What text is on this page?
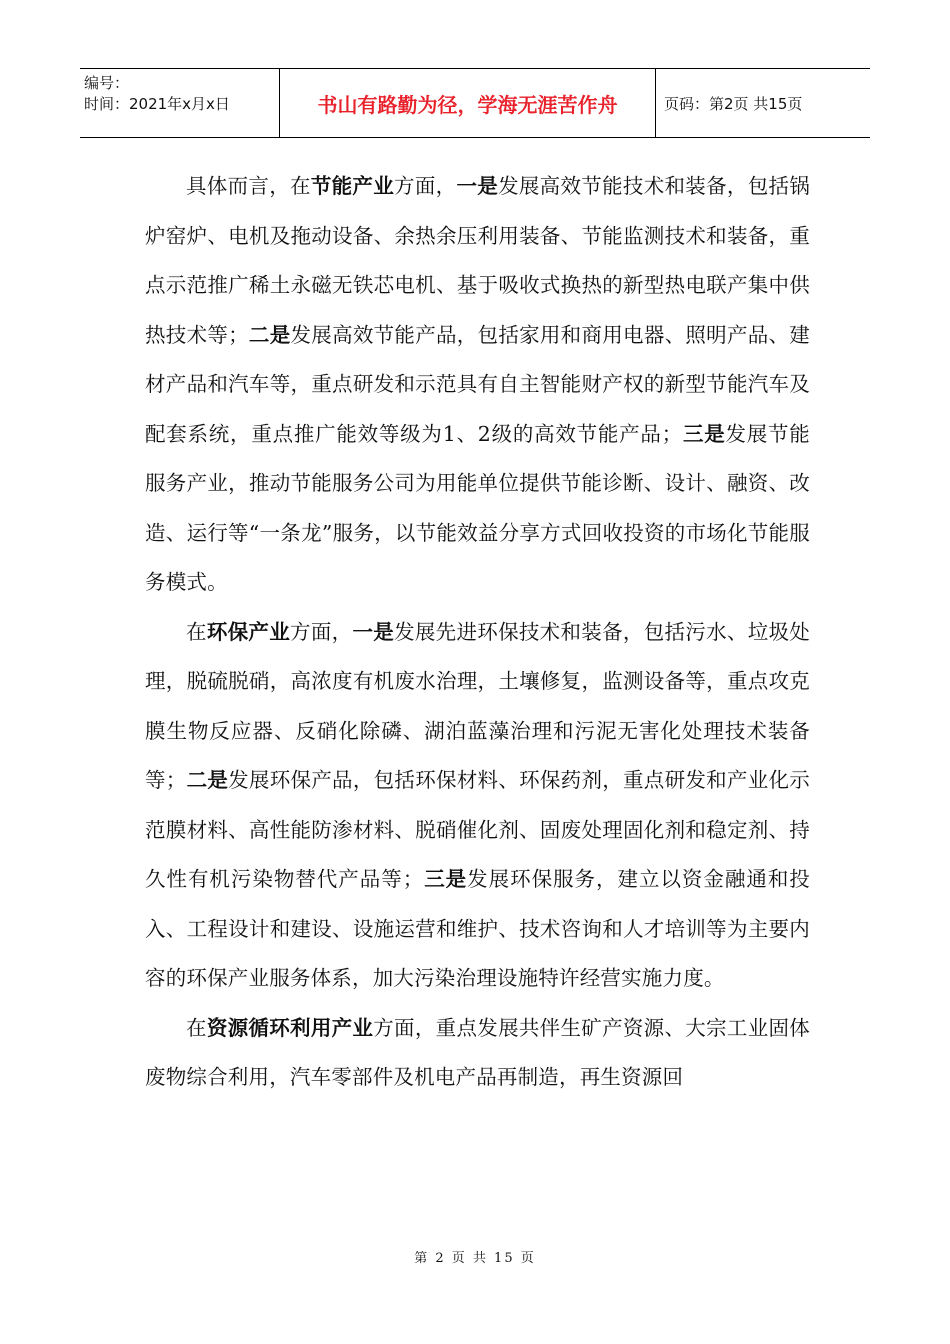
编号：
时间：2021年x月x日	书山有路勤为径，学海无涯苦作舟	页码：第2页 共15页

具体而言，在节能产业方面，一是发展高效节能技术和装备，包括锅炉窑炉、电机及拖动设备、余热余压利用装备、节能监测技术和装备，重点示范推广稀土永磁无铁芯电机、基于吸收式换热的新型热电联产集中供热技术等；二是发展高效节能产品，包括家用和商用电器、照明产品、建材产品和汽车等，重点研发和示范具有自主智能财产权的新型节能汽车及配套系统，重点推广能效等级为1、2级的高效节能产品；三是发展节能服务产业，推动节能服务公司为用能单位提供节能诊断、设计、融资、改造、运行等“一条龙”服务，以节能效益分享方式回收投资的市场化节能服务模式。

在环保产业方面，一是发展先进环保技术和装备，包括污水、垃圾处理，脱硫脱硝，高浓度有机废水治理，土壤修复，监测设备等，重点攻克膜生物反应器、反硝化除磷、湖泊蓝藻治理和污泥无害化处理技术装备等；二是发展环保产品，包括环保材料、环保药剂，重点研发和产业化示范膜材料、高性能防渗材料、脱硝催化剂、固废处理固化剂和稳定剂、持久性有机污染物替代产品等；三是发展环保服务，建立以资金融通和投入、工程设计和建设、设施运营和维护、技术咨询和人才培训等为主要内容的环保产业服务体系，加大污染治理设施特许经营实施力度。

在资源循环利用产业方面，重点发展共伴生矿产资源、大宗工业固体废物综合利用，汽车零部件及机电产品再制造，再生资源回

第 2 页 共 15 页
